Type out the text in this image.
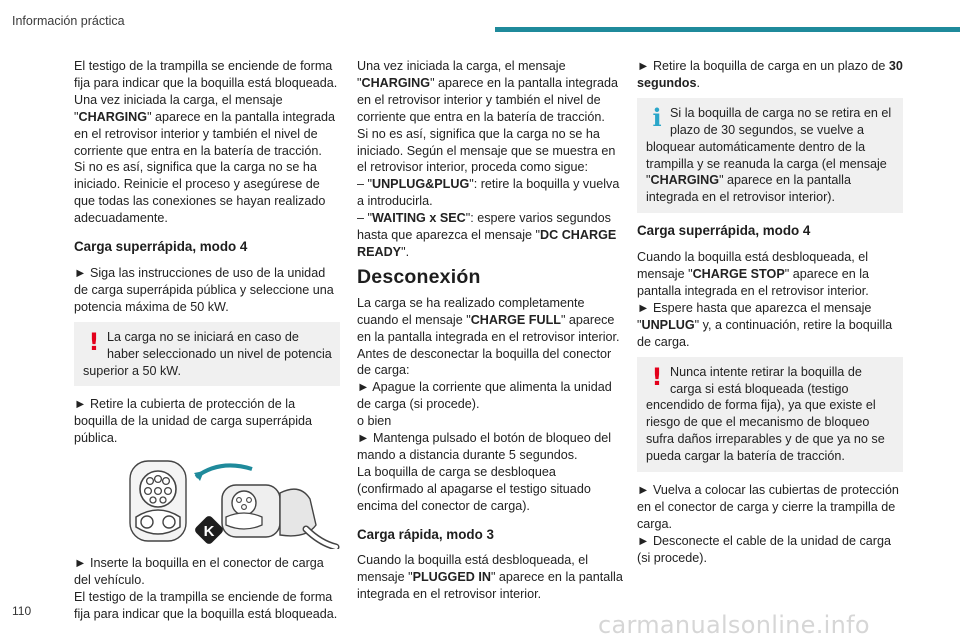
Información práctica

El testigo de la trampilla se enciende de forma fija para indicar que la boquilla está bloqueada. Una vez iniciada la carga, el mensaje "CHARGING" aparece en la pantalla integrada en el retrovisor interior y también el nivel de corriente que entra en la batería de tracción.

Si no es así, significa que la carga no se ha iniciado. Reinicie el proceso y asegúrese de que todas las conexiones se hayan realizado adecuadamente.

Carga superrápida, modo 4

► Siga las instrucciones de uso de la unidad de carga superrápida pública y seleccione una potencia máxima de 50 kW.

! La carga no se iniciará en caso de haber seleccionado un nivel de potencia superior a 50 kW.

► Retire la cubierta de protección de la boquilla de la unidad de carga superrápida pública.

K

► Inserte la boquilla en el conector de carga del vehículo.

El testigo de la trampilla se enciende de forma fija para indicar que la boquilla está bloqueada.

Una vez iniciada la carga, el mensaje "CHARGING" aparece en la pantalla integrada en el retrovisor interior y también el nivel de corriente que entra en la batería de tracción.

Si no es así, significa que la carga no se ha iniciado. Según el mensaje que se muestra en el retrovisor interior, proceda como sigue:

– "UNPLUG&PLUG": retire la boquilla y vuelva a introducirla.

– "WAITING x SEC": espere varios segundos hasta que aparezca el mensaje "DC CHARGE READY".

Desconexión

La carga se ha realizado completamente cuando el mensaje "CHARGE FULL" aparece en la pantalla integrada en el retrovisor interior.

Antes de desconectar la boquilla del conector de carga:

► Apague la corriente que alimenta la unidad de carga (si procede).

o bien

► Mantenga pulsado el botón de bloqueo del mando a distancia durante 5 segundos.

La boquilla de carga se desbloquea (confirmado al apagarse el testigo situado encima del conector de carga).

Carga rápida, modo 3

Cuando la boquilla está desbloqueada, el mensaje "PLUGGED IN" aparece en la pantalla integrada en el retrovisor interior.

► Retire la boquilla de carga en un plazo de 30 segundos.

i Si la boquilla de carga no se retira en el plazo de 30 segundos, se vuelve a bloquear automáticamente dentro de la trampilla y se reanuda la carga (el mensaje "CHARGING" aparece en la pantalla integrada en el retrovisor interior).
Carga superrápida, modo 4

Cuando la boquilla está desbloqueada, el mensaje "CHARGE STOP" aparece en la pantalla integrada en el retrovisor interior.

► Espere hasta que aparezca el mensaje "UNPLUG" y, a continuación, retire la boquilla de carga.

! Nunca intente retirar la boquilla de carga si está bloqueada (testigo encendido de forma fija), ya que existe el riesgo de que el mecanismo de bloqueo sufra daños irreparables y de que ya no se pueda cargar la batería de tracción.

► Vuelva a colocar las cubiertas de protección en el conector de carga y cierre la trampilla de carga.

► Desconecte el cable de la unidad de carga (si procede).

110	carmanualsonline.info
